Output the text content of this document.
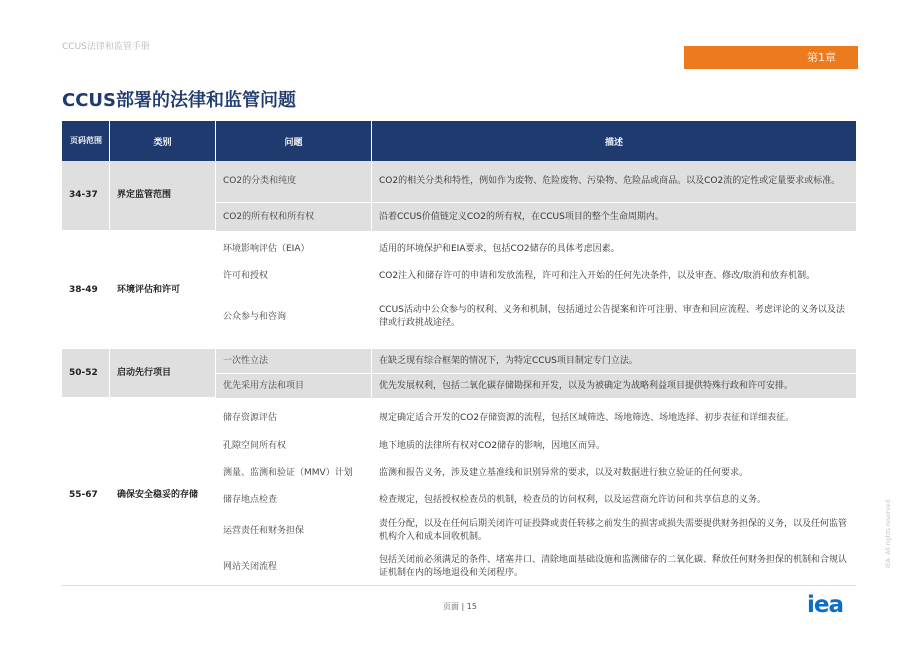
CCUS法律和监管手册
第1章
CCUS部署的法律和监管问题
页码范围	类别	问题	描述
34-37	界定监管范围	CO2的分类和纯度	CO2的相关分类和特性，例如作为废物、危险废物、污染物、危险品或商品。以及CO2流的定性或定量要求或标准。
		CO2的所有权和所有权	沿着CCUS价值链定义CO2的所有权，在CCUS项目的整个生命周期内。

38-49	环境评估和许可	环境影响评估（EIA）	适用的环境保护和EIA要求，包括CO2储存的具体考虑因素。
		许可和授权	CO2注入和储存许可的申请和发放流程，许可和注入开始的任何先决条件，以及审查、修改/取消和放弃机制。
		公众参与和咨询	CCUS活动中公众参与的权利、义务和机制，包括通过公告提案和许可注册、审查和回应流程、考虑评论的义务以及法律或行政挑战途径。

50-52	启动先行项目	一次性立法	在缺乏现有综合框架的情况下，为特定CCUS项目制定专门立法。
		优先采用方法和项目	优先发展权利，包括二氧化碳存储勘探和开发，以及为被确定为战略利益项目提供特殊行政和许可安排。

55-67	确保安全稳妥的存储	储存资源评估	规定确定适合开发的CO2存储资源的流程，包括区域筛选、场地筛选、场地选择、初步表征和详细表征。
		孔隙空间所有权	地下地质的法律所有权对CO2储存的影响，因地区而异。
		测量、监测和验证（MMV）计划	监测和报告义务，涉及建立基准线和识别异常的要求，以及对数据进行独立验证的任何要求。
		储存地点检查	检查规定，包括授权检查员的机制，检查员的访问权利，以及运营商允许访问和共享信息的义务。
		运营责任和财务担保	责任分配，以及在任何后期关闭许可证投降或责任转移之前发生的损害或损失需要提供财务担保的义务，以及任何监管机构介入和成本回收机制。
		网站关闭流程	包括关闭前必须满足的条件、堵塞井口、清除地面基础设施和监测储存的二氧化碳、释放任何财务担保的机制和合规认证机制在内的场地退役和关闭程序。
页面 | 15	iea
IEA. All rights reserved.
